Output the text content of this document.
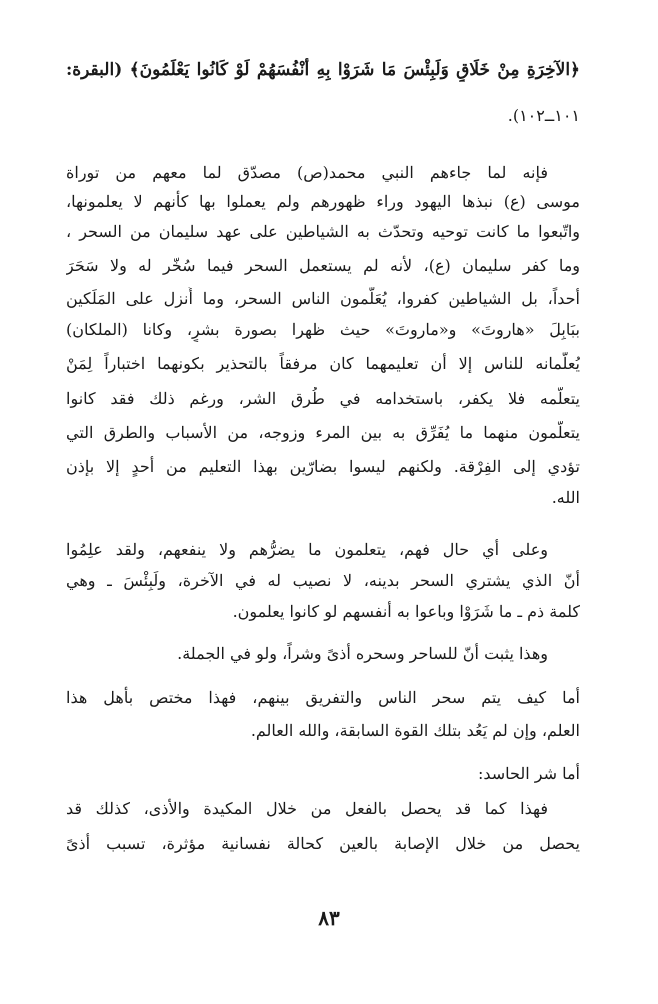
﴿الآخِرَةِ مِنْ خَلَاقٍ وَلَبِئْسَ مَا شَرَوْا بِهِ أَنْفُسَهُمْ لَوْ كَانُوا يَعْلَمُونَ﴾ (البقرة:
١٠١ــ١٠٢).
فإنه لما جاءهم النبي محمد(ص) مصدّق لما معهم من توراة
موسى (ع) نبذها اليهود وراء ظهورهم ولم يعملوا بها كأنهم لا يعلمونها،
واتّبعوا ما كانت توحيه وتحدّث به الشياطين على عهد سليمان من السحر ،
وما كفر سليمان (ع)، لأنه لم يستعمل السحر فيما سُخّر له ولا سَحَرَ
أحداً، بل الشياطين كفروا، يُعَلّمون الناس السحر، وما أُنزل على المَلَكين
ببَابِلَ «هاروتَ» و«ماروتَ» حيث ظهرا بصورة بشرٍ، وكانا (الملكان)
يُعلّمانه للناس إلا أن تعليمهما كان مرفقاً بالتحذير بكونهما اختباراً لِمَنْ
يتعلّمه فلا يكفر، باستخدامه في طُرق الشر، ورغم ذلك فقد كانوا
يتعلّمون منهما ما يُفَرِّق به بين المرء وزوجه، من الأسباب والطرق التي
تؤدي إلى الفِرْقة. ولكنهم ليسوا بضارّين بهذا التعليم من أحدٍ إلا بإذن
الله.
وعلى أي حال فهم، يتعلمون ما يضرُّهم ولا ينفعهم، ولقد علِمُوا
أنّ الذي يشتري السحر بدينه، لا نصيب له في الآخرة، ولَبِئْسَ ـ وهي
كلمة ذم ـ ما شَرَوْا وباعوا به أنفسهم لو كانوا يعلمون.
وهذا يثبت أنّ للساحر وسحره أذىً وشراً، ولو في الجملة.
أما كيف يتم سحر الناس والتفريق بينهم، فهذا مختص بأهل هذا
العلم، وإن لم يَعُد بتلك القوة السابقة، والله العالم.
أما شر الحاسد:
فهذا كما قد يحصل بالفعل من خلال المكيدة والأذى، كذلك قد
يحصل من خلال الإصابة بالعين كحالة نفسانية مؤثرة، تسبب أذىً
٨٣
